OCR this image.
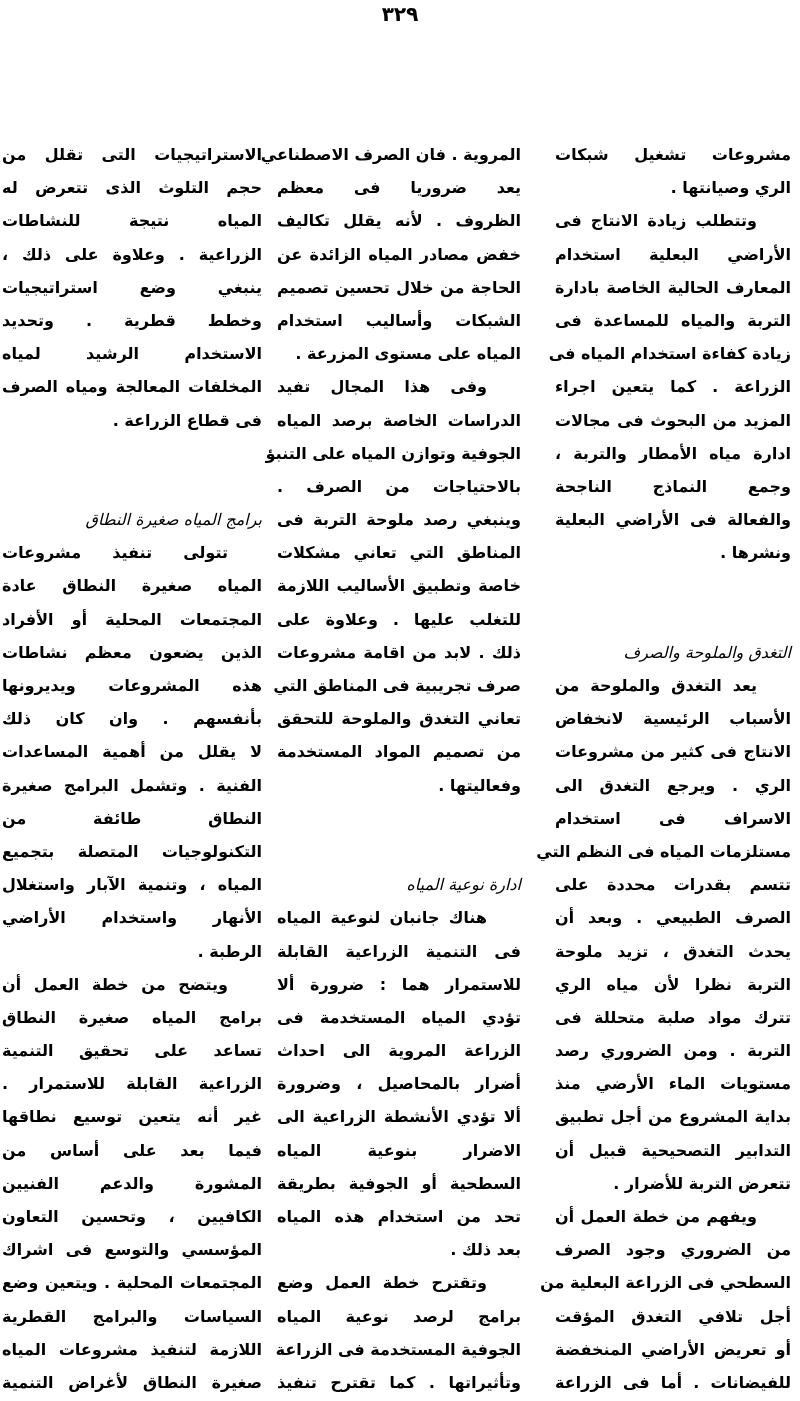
٣٢٩
مشروعات تشغيل شبكات
الري وصيانتها .
وتتطلب زيادة الانتاج فى
الأراضي البعلية استخدام
المعارف الحالية الخاصة بادارة
التربة والمياه للمساعدة فى
زيادة كفاءة استخدام المياه فى
الزراعة . كما يتعين اجراء
المزيد من البحوث فى مجالات
ادارة مياه الأمطار والتربة ،
وجمع النماذج الناجحة
والفعالة فى الأراضي البعلية
ونشرها .
التغدق والملوحة والصرف
يعد التغدق والملوحة من
الأسباب الرئيسية لانخفاض
الانتاج فى كثير من مشروعات
الري . ويرجع التغدق الى
الاسراف فى استخدام
مستلزمات المياه فى النظم التي
تتسم بقدرات محددة على
الصرف الطبيعي . وبعد أن
يحدث التغدق ، تزيد ملوحة
التربة نظرا لأن مياه الري
تترك مواد صلبة متحللة فى
التربة . ومن الضروري رصد
مستويات الماء الأرضي منذ
بداية المشروع من أجل تطبيق
التدابير التصحيحية قبيل أن
تتعرض التربة للأضرار .
ويفهم من خطة العمل أن
من الضروري وجود الصرف
السطحي فى الزراعة البعلية من
أجل تلافي التغدق المؤقت
أو تعريض الأراضي المنخفضة
للفيضانات . أما فى الزراعة
المروية . فان الصرف الاصطناعي
يعد ضروريا فى معظم
الظروف . لأنه يقلل تكاليف
خفض مصادر المياه الزائدة عن
الحاجة من خلال تحسين تصميم
الشبكات وأساليب استخدام
المياه على مستوى المزرعة .
وفى هذا المجال تفيد
الدراسات الخاصة برصد المياه
الجوفية وتوازن المياه على التنبؤ
بالاحتياجات من الصرف .
وينبغي رصد ملوحة التربة فى
المناطق التي تعاني مشكلات
خاصة وتطبيق الأساليب اللازمة
للتغلب عليها . وعلاوة على
ذلك . لابد من اقامة مشروعات
صرف تجريبية فى المناطق التي
تعاني التغدق والملوحة للتحقق
من تصميم المواد المستخدمة
وفعاليتها .
ادارة نوعية المياه
هناك جانبان لنوعية المياه
فى التنمية الزراعية القابلة
للاستمرار هما : ضرورة ألا
تؤدي المياه المستخدمة فى
الزراعة المروية الى احداث
أضرار بالمحاصيل ، وضرورة
ألا تؤدي الأنشطة الزراعية الى
الاضرار بنوعية المياه
السطحية أو الجوفية بطريقة
تحد من استخدام هذه المياه
بعد ذلك .
وتقترح خطة العمل وضع
برامج لرصد نوعية المياه
الجوفية المستخدمة فى الزراعة
وتأثيراتها . كما تقترح تنفيذ
الاستراتيجيات التى تقلل من
حجم التلوث الذى تتعرض له
المياه نتيجة للنشاطات
الزراعية . وعلاوة على ذلك ،
ينبغي وضع استراتيجيات
وخطط قطرية . وتحديد
الاستخدام الرشيد لمياه
المخلفات المعالجة ومياه الصرف
فى قطاع الزراعة .
برامج المياه صغيرة النطاق
تتولى تنفيذ مشروعات
المياه صغيرة النطاق عادة
المجتمعات المحلية أو الأفراد
الذين يضعون معظم نشاطات
هذه المشروعات ويديرونها
بأنفسهم . وان كان ذلك
لا يقلل من أهمية المساعدات
الفنية . وتشمل البرامج صغيرة
النطاق طائفة من
التكنولوجيات المتصلة بتجميع
المياه ، وتنمية الآبار واستغلال
الأنهار واستخدام الأراضي
الرطبة .
ويتضح من خطة العمل أن
برامج المياه صغيرة النطاق
تساعد على تحقيق التنمية
الزراعية القابلة للاستمرار .
غير أنه يتعين توسيع نطاقها
فيما بعد على أساس من
المشورة والدعم الفنيين
الكافيين ، وتحسين التعاون
المؤسسي والتوسع فى اشراك
المجتمعات المحلية . ويتعين وضع
السياسات والبرامج القطرية
اللازمة لتنفيذ مشروعات المياه
صغيرة النطاق لأغراض التنمية
